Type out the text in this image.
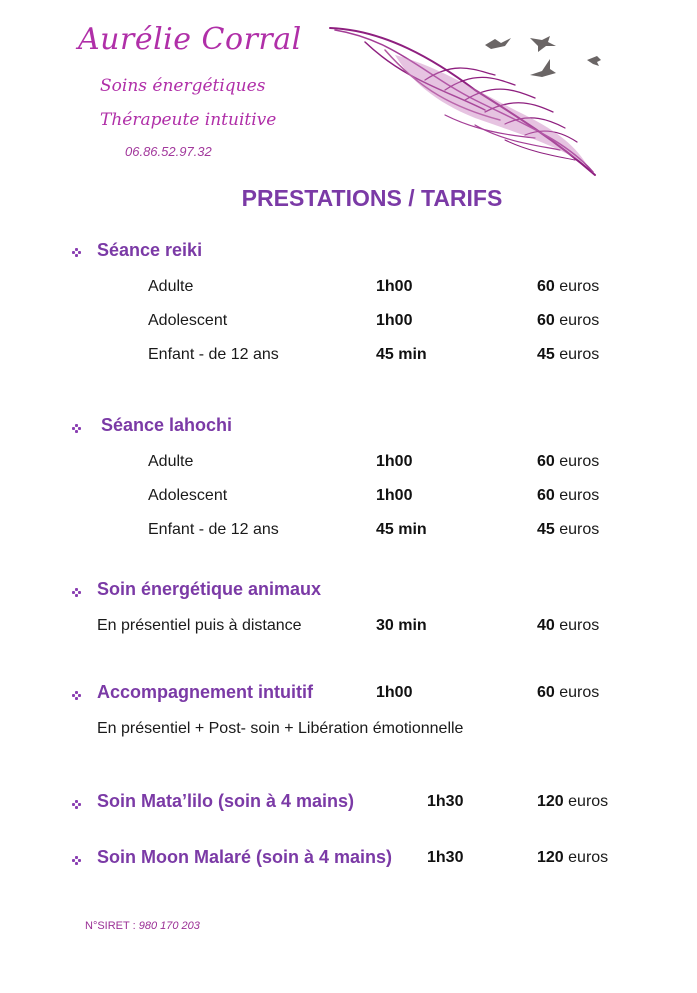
Aurélie Corral
Soins énergétiques
Thérapeute intuitive
06.86.52.97.32
PRESTATIONS / TARIFS
Séance reiki
Adulte	1h00	60 euros
Adolescent	1h00	60 euros
Enfant - de 12 ans	45 min	45 euros
Séance lahochi
Adulte	1h00	60 euros
Adolescent	1h00	60 euros
Enfant - de 12 ans	45 min	45 euros
Soin énergétique animaux
En présentiel puis à distance	30 min	40 euros
Accompagnement intuitif	1h00	60 euros
En présentiel + Post- soin + Libération émotionnelle
Soin Mata’lilo (soin à 4 mains)	1h30	120 euros
Soin Moon Malaré (soin à 4 mains) 1h30	120 euros
N°SIRET : 980 170 203
